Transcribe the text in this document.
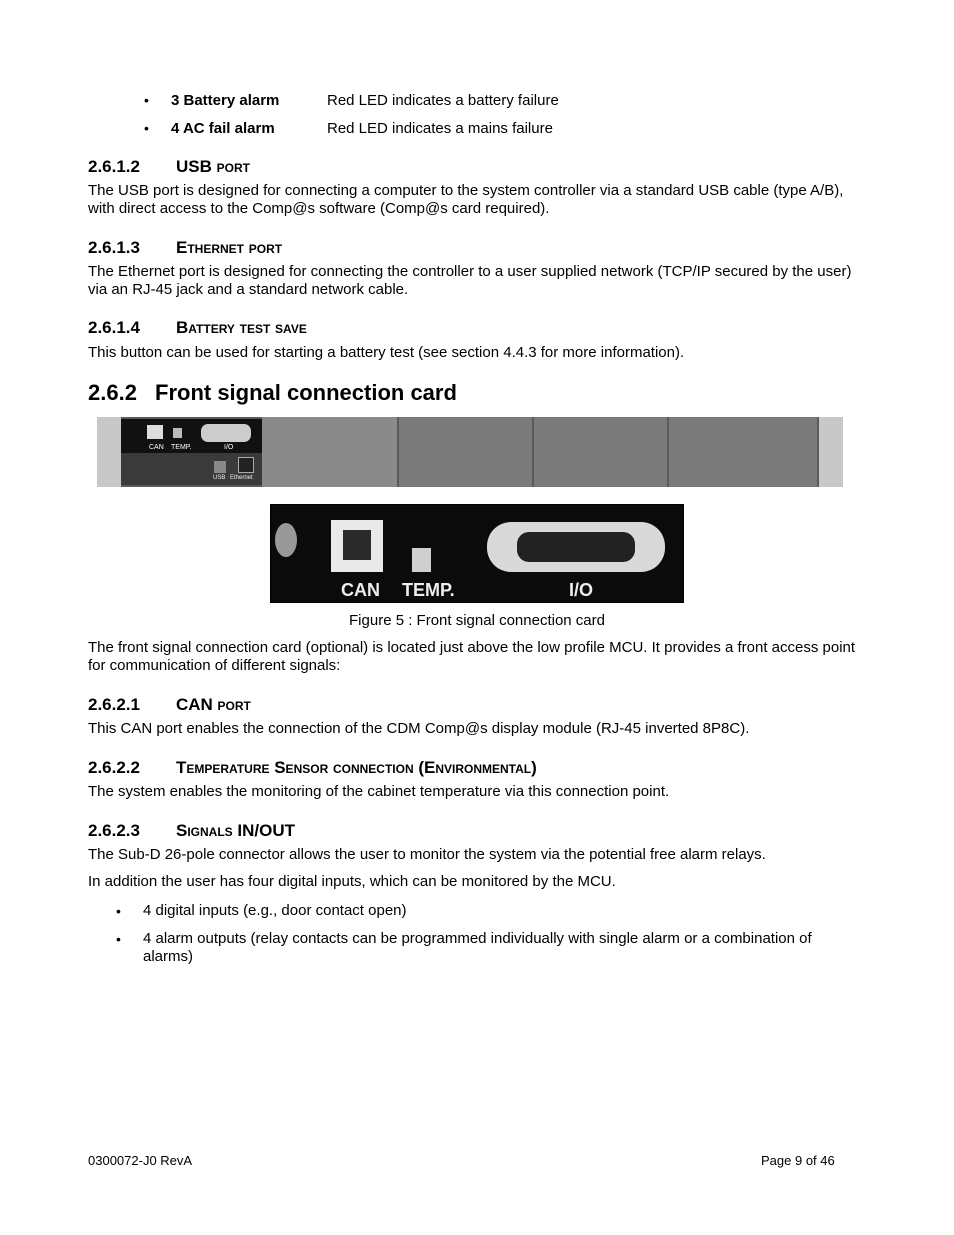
• 3 Battery alarm	Red LED indicates a battery failure
• 4 AC fail alarm	Red LED indicates a mains failure
2.6.1.2 USB port
The USB port is designed for connecting a computer to the system controller via a standard USB cable (type A/B), with direct access to the Comp@s software (Comp@s card required).
2.6.1.3 Ethernet port
The Ethernet port is designed for connecting the controller to a user supplied network (TCP/IP secured by the user) via an RJ-45 jack and a standard network cable.
2.6.1.4 Battery test save
This button can be used for starting a battery test (see section 4.4.3 for more information).
2.6.2 Front signal connection card
CAN TEMP.	I/O
USB Ethernet
CAN TEMP.	I/O
Figure 5 : Front signal connection card
The front signal connection card (optional) is located just above the low profile MCU. It provides a front access point for communication of different signals:
2.6.2.1 CAN port
This CAN port enables the connection of the CDM Comp@s display module (RJ-45 inverted 8P8C).
2.6.2.2 Temperature Sensor connection (Environmental)
The system enables the monitoring of the cabinet temperature via this connection point.
2.6.2.3 Signals IN/OUT
The Sub-D 26-pole connector allows the user to monitor the system via the potential free alarm relays.
In addition the user has four digital inputs, which can be monitored by the MCU.
• 4 digital inputs (e.g., door contact open)
• 4 alarm outputs (relay contacts can be programmed individually with single alarm or a combination of alarms)
0300072-J0 RevA	Page 9 of 46
